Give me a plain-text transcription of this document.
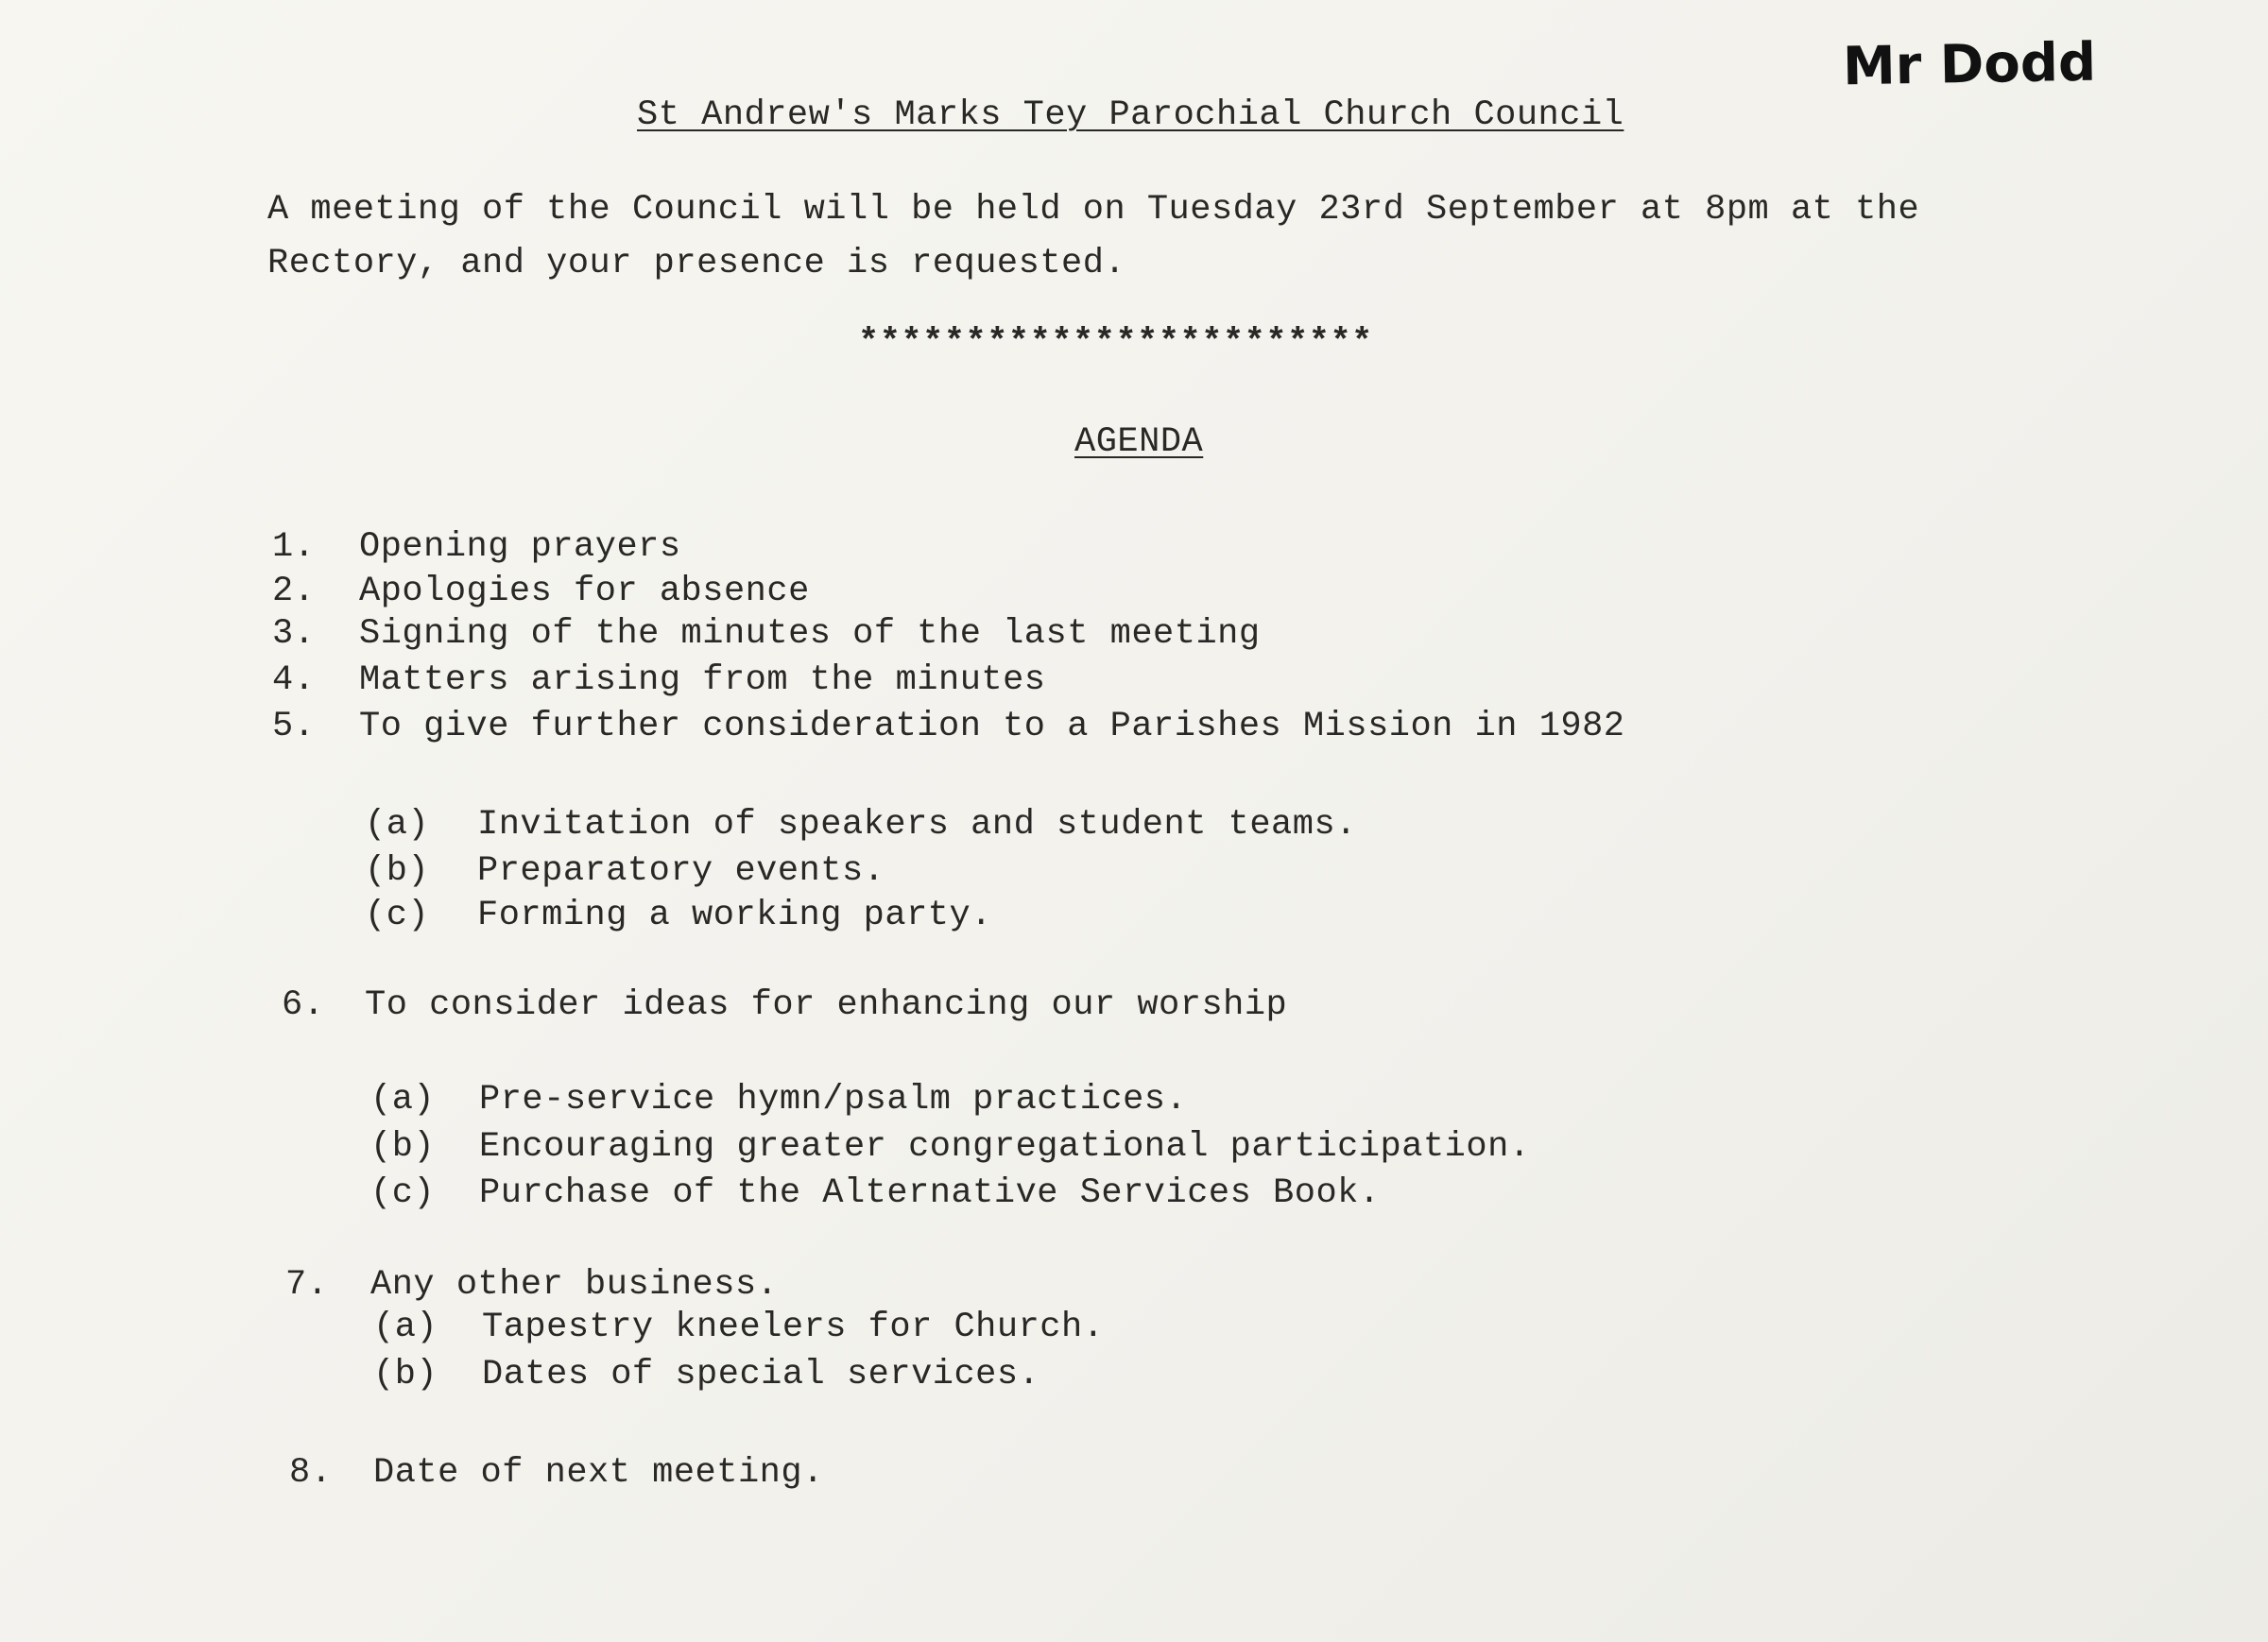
Mr Dodd
St Andrew's Marks Tey Parochial Church Council
A meeting of the Council will be held on Tuesday 23rd September at 8pm at the
Rectory, and your presence is requested.
************************
AGENDA
1. Opening prayers
2. Apologies for absence
3. Signing of the minutes of the last meeting
4. Matters arising from the minutes
5. To give further consideration to a Parishes Mission in 1982
(a) Invitation of speakers and student teams.
(b) Preparatory events.
(c) Forming a working party.
6. To consider ideas for enhancing our worship
(a) Pre-service hymn/psalm practices.
(b) Encouraging greater congregational participation.
(c) Purchase of the Alternative Services Book.
7. Any other business.
(a) Tapestry kneelers for Church.
(b) Dates of special services.
8. Date of next meeting.
